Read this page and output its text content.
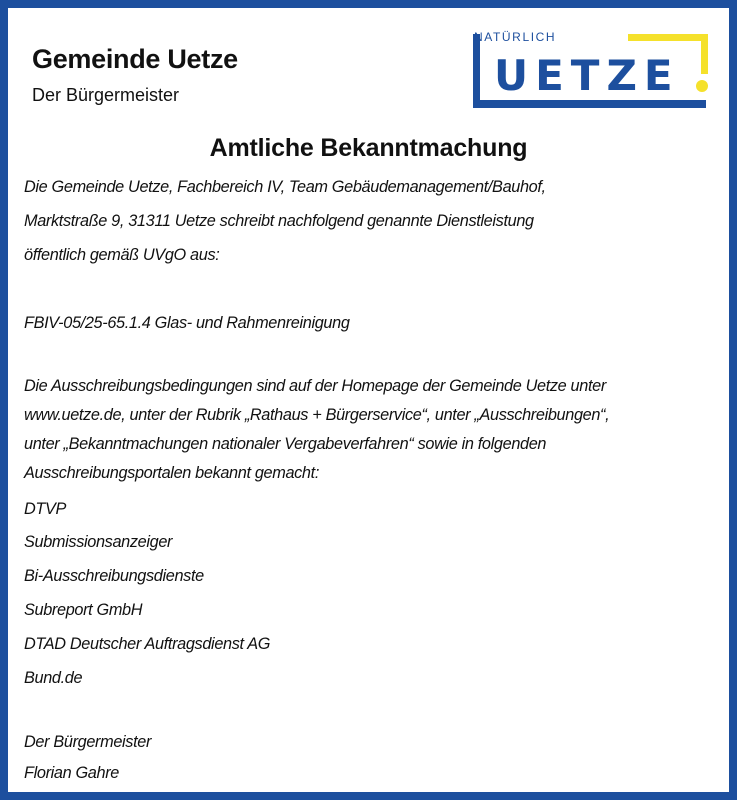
Gemeinde Uetze
Der Bürgermeister
NATÜRLICH
UETZE
Amtliche Bekanntmachung
Die Gemeinde Uetze, Fachbereich IV, Team Gebäudemanagement/Bauhof,
Marktstraße 9, 31311 Uetze schreibt nachfolgend genannte Dienstleistung
öffentlich gemäß UVgO aus:
FBIV-05/25-65.1.4 Glas- und Rahmenreinigung
Die Ausschreibungsbedingungen sind auf der Homepage der Gemeinde Uetze unter
www.uetze.de, unter der Rubrik „Rathaus + Bürgerservice“, unter „Ausschreibungen“,
unter „Bekanntmachungen nationaler Vergabeverfahren“ sowie in folgenden
Ausschreibungsportalen bekannt gemacht:
DTVP
Submissionsanzeiger
Bi-Ausschreibungsdienste
Subreport GmbH
DTAD Deutscher Auftragsdienst AG
Bund.de
Der Bürgermeister
Florian Gahre
